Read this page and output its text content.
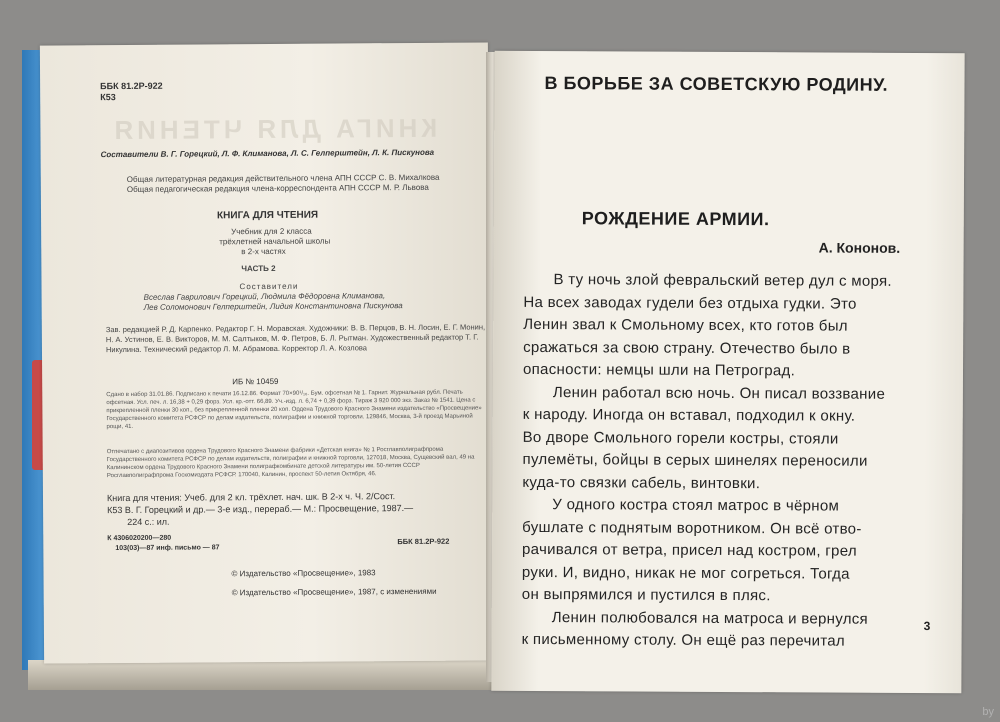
КНИГА ДЛЯ ЧТЕНИЯ
ББК 81.2Р-922
К53
Составители В. Г. Горецкий, Л. Ф. Климанова, Л. С. Гелперштейн, Л. К. Пискунова
Общая литературная редакция действительного члена АПН СССР С. В. Михалкова
Общая педагогическая редакция члена-корреспондента АПН СССР М. Р. Львова
КНИГА ДЛЯ ЧТЕНИЯ
Учебник для 2 класса
трёхлетней начальной школы
в 2-х частях
ЧАСТЬ 2
Составители
Всеслав Гаврилович Горецкий, Людмила Фёдоровна Климанова,
Лев Соломонович Гелперштейн, Лидия Константиновна Пискунова
Зав. редакцией Р. Д. Карпенко. Редактор Г. Н. Моравская. Художники: В. В. Перцов, В. Н. Лосин, Е. Г. Монин, Н. А. Устинов, Е. В. Викторов, М. М. Салтыков, М. Ф. Петров, Б. Л. Рытман. Художественный редактор Т. Г. Никулина. Технический редактор Л. М. Абрамова. Корректор Л. А. Козлова
ИБ № 10459
Сдано в набор 31.01.86. Подписано к печати 16.12.86. Формат 70×90¹/₁₆. Бум. офсетная № 1. Гарнит. Журнальная рубл. Печать офсетная. Усл. печ. л. 16,38 + 0,29 форз. Усл. кр.-отт. 66,89. Уч.-изд. л. 6,74 + 0,39 форз. Тираж 3 920 000 экз. Заказ № 1541. Цена с прикрепленной пленки 30 коп., без прикрепленной пленки 20 коп. Ордена Трудового Красного Знамени издательство «Просвещение» Государственного комитета РСФСР по делам издательств, полиграфии и книжной торговли. 129846, Москва, 3-й проезд Марьиной рощи, 41.
Отпечатано с диапозитивов ордена Трудового Красного Знамени фабрики «Детская книга» № 1 Росглавполиграфпрома Государственного комитета РСФСР по делам издательств, полиграфии и книжной торговли, 127018, Москва, Сущевский вал, 49 на Калининском ордена Трудового Красного Знамени полиграфкомбинате детской литературы им. 50-летия СССР Росглавполиграфпрома Госкомиздата РСФСР. 170040, Калинин, проспект 50-летия Октября, 46.
Книга для чтения: Учеб. для 2 кл. трёхлет. нач. шк. В 2-х ч. Ч. 2/Сост.
К53 В. Г. Горецкий и др.— 3-е изд., перераб.— М.: Просвещение, 1987.—
224 с.: ил.
К 4306020200—280
103(03)—87 инф. письмо — 87
ББК 81.2Р-922
© Издательство «Просвещение», 1983
© Издательство «Просвещение», 1987, с изменениями
В БОРЬБЕ ЗА СОВЕТСКУЮ РОДИНУ.
РОЖДЕНИЕ АРМИИ.
А. Кононов.
В ту ночь злой февральский ветер дул с моря.
На всех заводах гудели без отдыха гудки. Это
Ленин звал к Смольному всех, кто готов был
сражаться за свою страну. Отечество было в
опасности: немцы шли на Петроград.
Ленин работал всю ночь. Он писал воззвание
к народу. Иногда он вставал, подходил к окну.
Во дворе Смольного горели костры, стояли
пулемёты, бойцы в серых шинелях переносили
куда-то связки сабель, винтовки.
У одного костра стоял матрос в чёрном
бушлате с поднятым воротником. Он всё отво-
рачивался от ветра, присел над костром, грел
руки. И, видно, никак не мог согреться. Тогда
он выпрямился и пустился в пляс.
Ленин полюбовался на матроса и вернулся
к письменному столу. Он ещё раз перечитал
3
by
